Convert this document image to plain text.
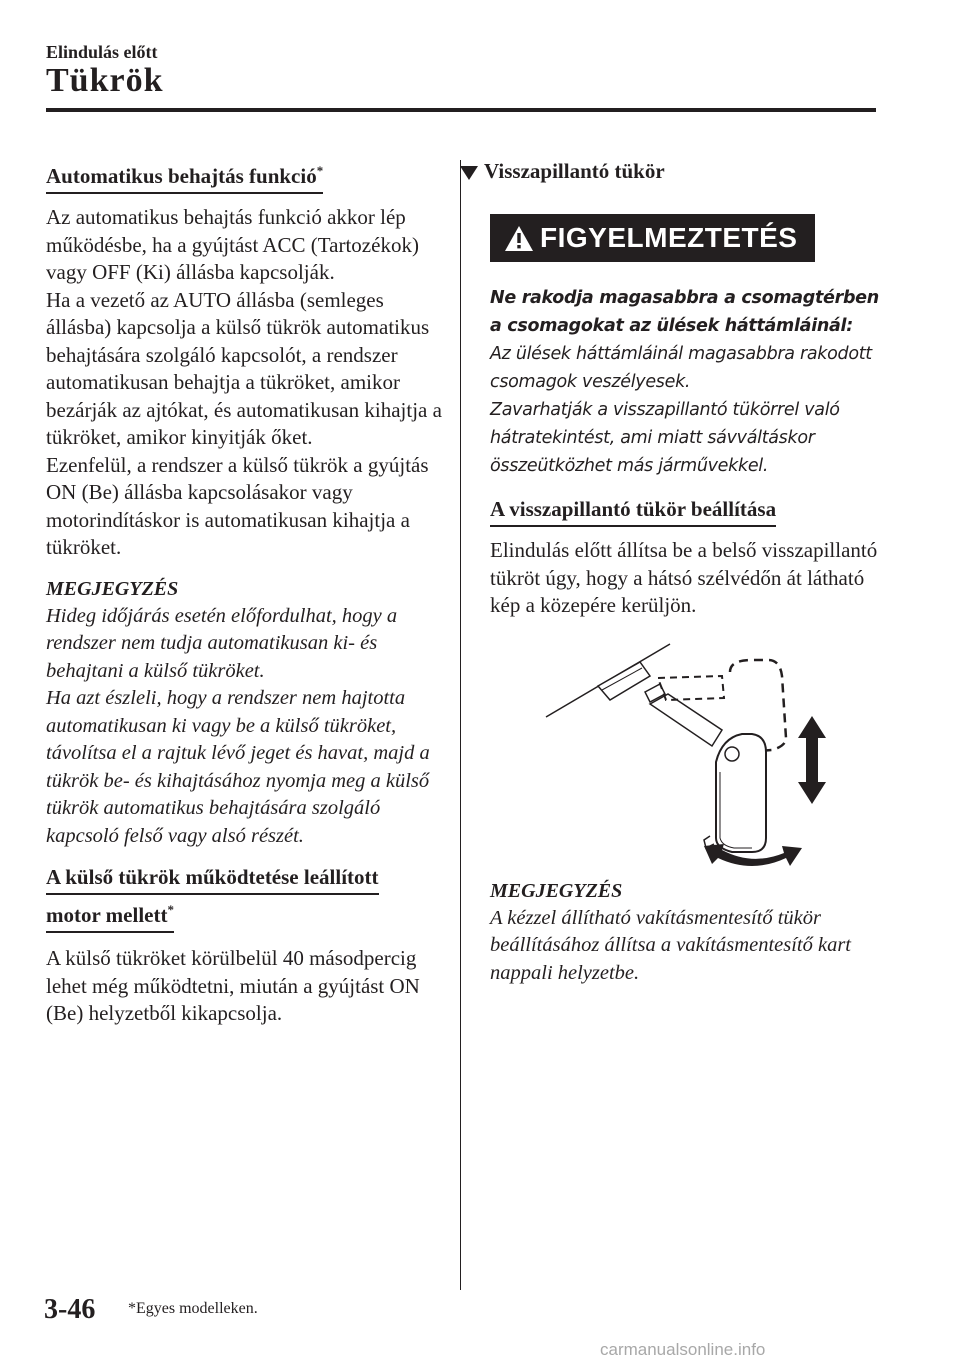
Elindulás előtt
Tükrök
Automatikus behajtás funkció*

Az automatikus behajtás funkció akkor lép működésbe, ha a gyújtást ACC (Tartozékok) vagy OFF (Ki) állásba kapcsolják.

Ha a vezető az AUTO állásba (semleges állásba) kapcsolja a külső tükrök automatikus behajtására szolgáló kapcsolót, a rendszer automatikusan behajtja a tükröket, amikor bezárják az ajtókat, és automatikusan kihajtja a tükröket, amikor kinyitják őket.

Ezenfelül, a rendszer a külső tükrök a gyújtás ON (Be) állásba kapcsolásakor vagy motorindításkor is automatikusan kihajtja a tükröket.

MEGJEGYZÉS

Hideg időjárás esetén előfordulhat, hogy a rendszer nem tudja automatikusan ki- és behajtani a külső tükröket.

Ha azt észleli, hogy a rendszer nem hajtotta automatikusan ki vagy be a külső tükröket, távolítsa el a rajtuk lévő jeget és havat, majd a tükrök be- és kihajtásához nyomja meg a külső tükrök automatikus behajtására szolgáló kapcsoló felső vagy alsó részét.

A külső tükrök működtetése leállított
motor mellett*

A külső tükröket körülbelül 40 másodpercig lehet még működtetni, miután a gyújtást ON (Be) helyzetből kikapcsolja.

Visszapillantó tükör
FIGYELMEZTETÉS

Ne rakodja magasabbra a csomagtérben a csomagokat az ülések háttámláinál:

Az ülések háttámláinál magasabbra rakodott csomagok veszélyesek.

Zavarhatják a visszapillantó tükörrel való hátratekintést, ami miatt sávváltáskor összeütközhet más járművekkel.

A visszapillantó tükör beállítása

Elindulás előtt állítsa be a belső visszapillantó tükröt úgy, hogy a hátsó szélvédőn át látható kép a közepére kerüljön.

MEGJEGYZÉS

A kézzel állítható vakításmentesítő tükör beállításához állítsa a vakításmentesítő kart nappali helyzetbe.

3-46 *Egyes modelleken.
carmanualsonline.info
